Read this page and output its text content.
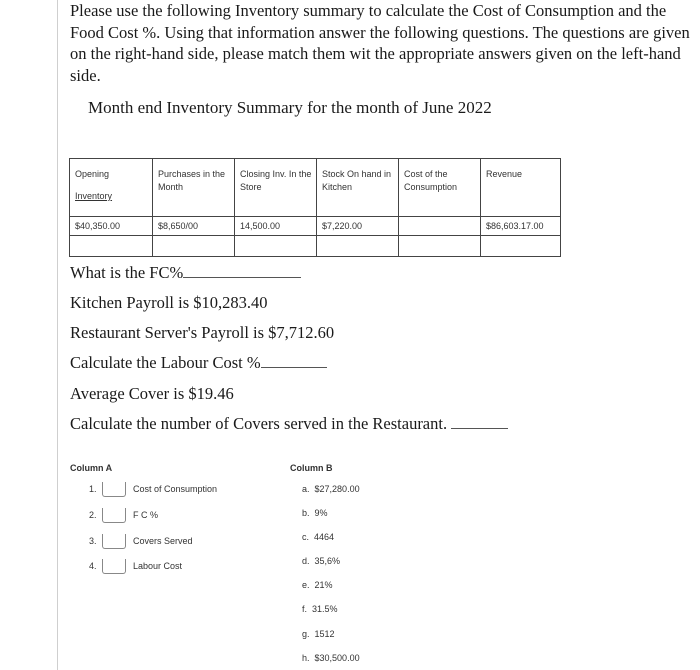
Please use the following Inventory summary to calculate the Cost of Consumption and the Food Cost %. Using that information answer the following questions. The questions are given on the right-hand side, please match them wit the appropriate answers given on the left-hand side.
Month end Inventory Summary for the month of June 2022
Opening
Inventory	Purchases in the Month	Closing Inv. In the Store	Stock On hand in Kitchen	Cost of the Consumption	Revenue
$40,350.00	$8,650/00	14,500.00	$7,220.00		$86,603.17.00

What is the FC%
Kitchen Payroll is $10,283.40
Restaurant Server's Payroll is $7,712.60
Calculate the Labour Cost %
Average Cover is $19.46
Calculate the number of Covers served in the Restaurant.
Column A	Column B
1.	Cost of Consumption
2.	F C %
3.	Covers Served
4.	Labour Cost
a. $27,280.00
b. 9%
c. 4464
d. 35,6%
e. 21%
f. 31.5%
g. 1512
h. $30,500.00
